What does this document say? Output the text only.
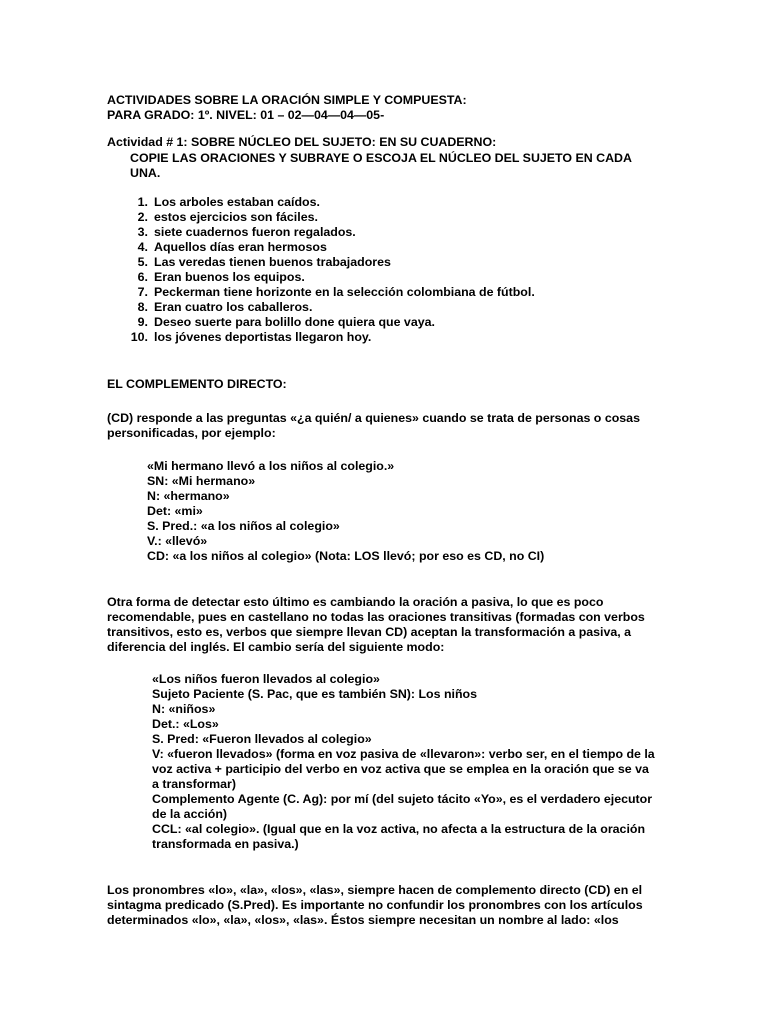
ACTIVIDADES SOBRE LA ORACIÓN SIMPLE Y COMPUESTA:

PARA GRADO: 1º. NIVEL: 01 – 02—04—04—05-

Actividad # 1: SOBRE NÚCLEO DEL SUJETO: EN SU CUADERNO:

COPIE LAS ORACIONES Y SUBRAYE O ESCOJA EL NÚCLEO DEL SUJETO EN CADA

UNA.

1. Los arboles estaban caídos.
2. estos ejercicios son fáciles.
3. siete cuadernos fueron regalados.
4. Aquellos días eran hermosos
5. Las veredas tienen buenos trabajadores
6. Eran buenos los equipos.
7. Peckerman tiene horizonte en la selección colombiana de fútbol.
8. Eran cuatro los caballeros.
9. Deseo suerte para bolillo done quiera que vaya.
10. los jóvenes deportistas llegaron hoy.

EL COMPLEMENTO DIRECTO:

(CD) responde a las preguntas «¿a quién/ a quienes» cuando se trata de personas o cosas

personificadas, por ejemplo:

«Mi hermano llevó a los niños al colegio.»

SN: «Mi hermano»

N: «hermano»

Det: «mi»

S. Pred.: «a los niños al colegio»

V.: «llevó»

CD: «a los niños al colegio» (Nota: LOS llevó; por eso es CD, no CI)

Otra forma de detectar esto último es cambiando la oración a pasiva, lo que es poco

recomendable, pues en castellano no todas las oraciones transitivas (formadas con verbos

transitivos, esto es, verbos que siempre llevan CD) aceptan la transformación a pasiva, a

diferencia del inglés. El cambio sería del siguiente modo:

«Los niños fueron llevados al colegio»

Sujeto Paciente (S. Pac, que es también SN): Los niños

N: «niños»

Det.: «Los»

S. Pred: «Fueron llevados al colegio»

V: «fueron llevados» (forma en voz pasiva de «llevaron»: verbo ser, en el tiempo de la

voz activa + participio del verbo en voz activa que se emplea en la oración que se va

a transformar)

Complemento Agente (C. Ag): por mí (del sujeto tácito «Yo», es el verdadero ejecutor

de la acción)

CCL: «al colegio». (Igual que en la voz activa, no afecta a la estructura de la oración

transformada en pasiva.)

Los pronombres «lo», «la», «los», «las», siempre hacen de complemento directo (CD) en el

sintagma predicado (S.Pred). Es importante no confundir los pronombres con los artículos

determinados «lo», «la», «los», «las». Éstos siempre necesitan un nombre al lado: «los
